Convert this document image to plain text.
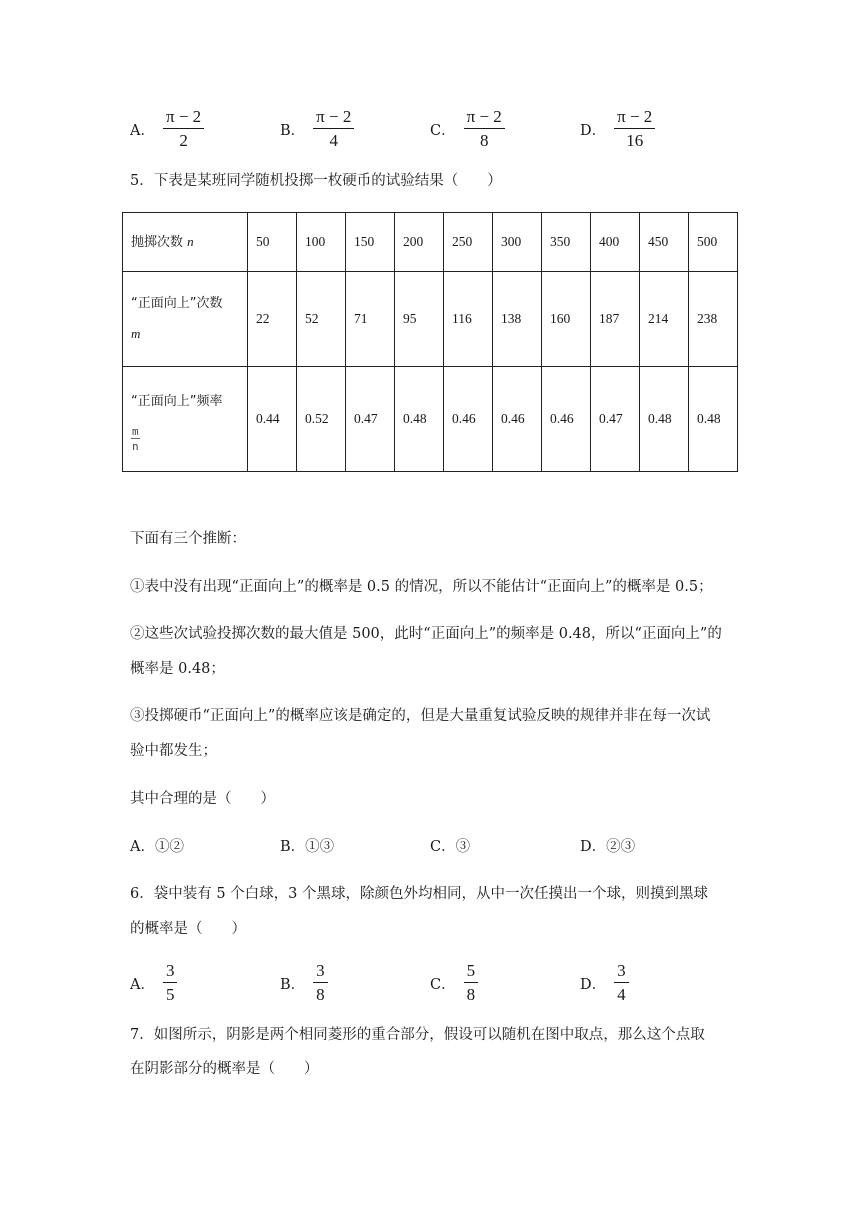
A． $\frac{\pi - 2}{2}$	B． $\frac{\pi - 2}{4}$	C． $\frac{\pi - 2}{8}$	D． $\frac{\pi - 2}{16}$
5．下表是某班同学随机投掷一枚硬币的试验结果（　　）
抛掷次数 n	50	100	150	200	250	300	350	400	450	500
“正面向上”次数
m	22	52	71	95	116	138	160	187	214	238
“正面向上”频率

$\frac{m}{n}$	0.44	0.52	0.47	0.48	0.46	0.46	0.46	0.47	0.48	0.48
下面有三个推断：
①表中没有出现“正面向上”的概率是 0.5 的情况，所以不能估计“正面向上”的概率是 0.5；
②这些次试验投掷次数的最大值是 500，此时“正面向上”的频率是 0.48，所以“正面向上”的
概率是 0.48；
③投掷硬币“正面向上”的概率应该是确定的，但是大量重复试验反映的规律并非在每一次试
验中都发生；
其中合理的是（　　）
A．①②	B．①③	C．③	D．②③
6．袋中装有 5 个白球，3 个黑球，除颜色外均相同，从中一次任摸出一个球，则摸到黑球
的概率是（　　）
A． $\frac{3}{5}$	B． $\frac{3}{8}$	C． $\frac{5}{8}$	D． $\frac{3}{4}$
7．如图所示，阴影是两个相同菱形的重合部分，假设可以随机在图中取点，那么这个点取
在阴影部分的概率是（　　）
